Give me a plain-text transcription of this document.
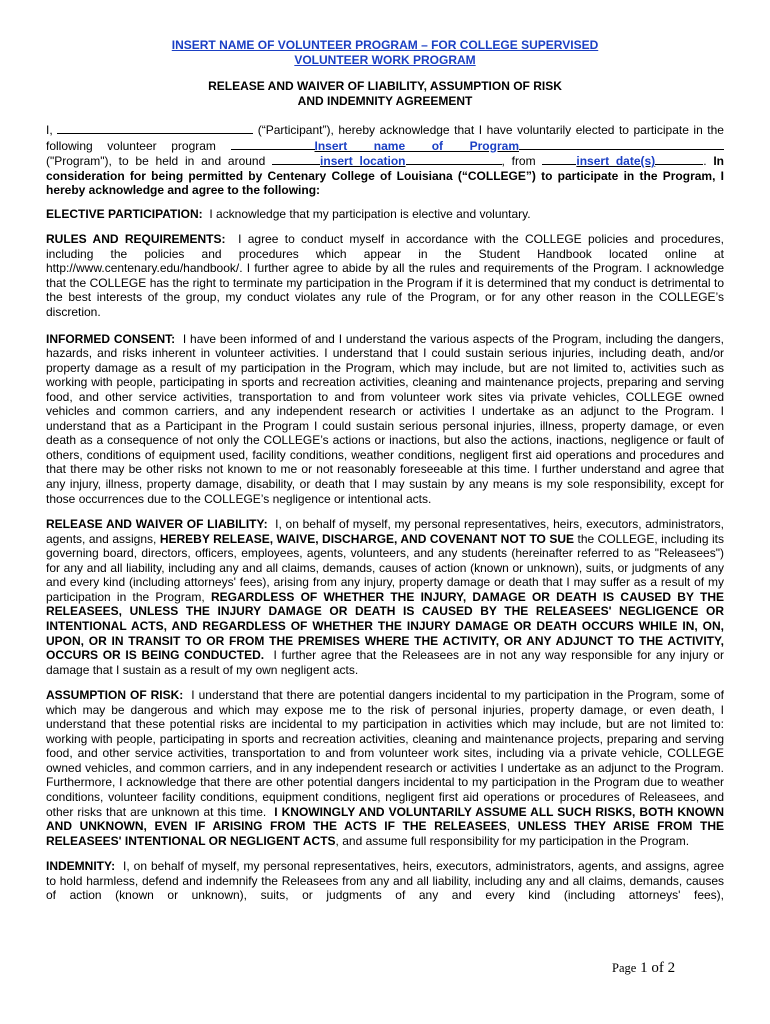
INSERT NAME OF VOLUNTEER PROGRAM – FOR COLLEGE SUPERVISED
VOLUNTEER WORK PROGRAM
RELEASE AND WAIVER OF LIABILITY, ASSUMPTION OF RISK
AND INDEMNITY AGREEMENT

I,	(“Participant”), hereby acknowledge that I have voluntarily elected to participate in the following volunteer program	Insert name of Program ("Program"), to be held in and around	insert location	, from	insert date(s)	. In consideration for being permitted by Centenary College of Louisiana (“COLLEGE”) to participate in the Program, I hereby acknowledge and agree to the following:

ELECTIVE PARTICIPATION: I acknowledge that my participation is elective and voluntary.

RULES AND REQUIREMENTS: I agree to conduct myself in accordance with the COLLEGE policies and procedures, including the policies and procedures which appear in the Student Handbook located online at http://www.centenary.edu/handbook/. I further agree to abide by all the rules and requirements of the Program. I acknowledge that the COLLEGE has the right to terminate my participation in the Program if it is determined that my conduct is detrimental to the best interests of the group, my conduct violates any rule of the Program, or for any other reason in the COLLEGE’s discretion.

INFORMED CONSENT: I have been informed of and I understand the various aspects of the Program, including the dangers, hazards, and risks inherent in volunteer activities. I understand that I could sustain serious injuries, including death, and/or property damage as a result of my participation in the Program, which may include, but are not limited to, activities such as working with people, participating in sports and recreation activities, cleaning and maintenance projects, preparing and serving food, and other service activities, transportation to and from volunteer work sites via private vehicles, COLLEGE owned vehicles and common carriers, and any independent research or activities I undertake as an adjunct to the Program. I understand that as a Participant in the Program I could sustain serious personal injuries, illness, property damage, or even death as a consequence of not only the COLLEGE’s actions or inactions, but also the actions, inactions, negligence or fault of others, conditions of equipment used, facility conditions, weather conditions, negligent first aid operations and procedures and that there may be other risks not known to me or not reasonably foreseeable at this time. I further understand and agree that any injury, illness, property damage, disability, or death that I may sustain by any means is my sole responsibility, except for those occurrences due to the COLLEGE’s negligence or intentional acts.

RELEASE AND WAIVER OF LIABILITY: I, on behalf of myself, my personal representatives, heirs, executors, administrators, agents, and assigns, HEREBY RELEASE, WAIVE, DISCHARGE, AND COVENANT NOT TO SUE the COLLEGE, including its governing board, directors, officers, employees, agents, volunteers, and any students (hereinafter referred to as "Releasees") for any and all liability, including any and all claims, demands, causes of action (known or unknown), suits, or judgments of any and every kind (including attorneys' fees), arising from any injury, property damage or death that I may suffer as a result of my participation in the Program, REGARDLESS OF WHETHER THE INJURY, DAMAGE OR DEATH IS CAUSED BY THE RELEASEES, UNLESS THE INJURY DAMAGE OR DEATH IS CAUSED BY THE RELEASEES' NEGLIGENCE OR INTENTIONAL ACTS, AND REGARDLESS OF WHETHER THE INJURY DAMAGE OR DEATH OCCURS WHILE IN, ON, UPON, OR IN TRANSIT TO OR FROM THE PREMISES WHERE THE ACTIVITY, OR ANY ADJUNCT TO THE ACTIVITY, OCCURS OR IS BEING CONDUCTED. I further agree that the Releasees are in not any way responsible for any injury or damage that I sustain as a result of my own negligent acts.

ASSUMPTION OF RISK: I understand that there are potential dangers incidental to my participation in the Program, some of which may be dangerous and which may expose me to the risk of personal injuries, property damage, or even death, I understand that these potential risks are incidental to my participation in activities which may include, but are not limited to: working with people, participating in sports and recreation activities, cleaning and maintenance projects, preparing and serving food, and other service activities, transportation to and from volunteer work sites, including via a private vehicle, COLLEGE owned vehicles, and common carriers, and in any independent research or activities I undertake as an adjunct to the Program. Furthermore, I acknowledge that there are other potential dangers incidental to my participation in the Program due to weather conditions, volunteer facility conditions, equipment conditions, negligent first aid operations or procedures of Releasees, and other risks that are unknown at this time. I KNOWINGLY AND VOLUNTARILY ASSUME ALL SUCH RISKS, BOTH KNOWN AND UNKNOWN, EVEN IF ARISING FROM THE ACTS IF THE RELEASEES, UNLESS THEY ARISE FROM THE RELEASEES' INTENTIONAL OR NEGLIGENT ACTS, and assume full responsibility for my participation in the Program.

INDEMNITY: I, on behalf of myself, my personal representatives, heirs, executors, administrators, agents, and assigns, agree to hold harmless, defend and indemnify the Releasees from any and all liability, including any and all claims, demands, causes of action (known or unknown), suits, or judgments of any and every kind (including attorneys' fees),

Page 1 of 2
